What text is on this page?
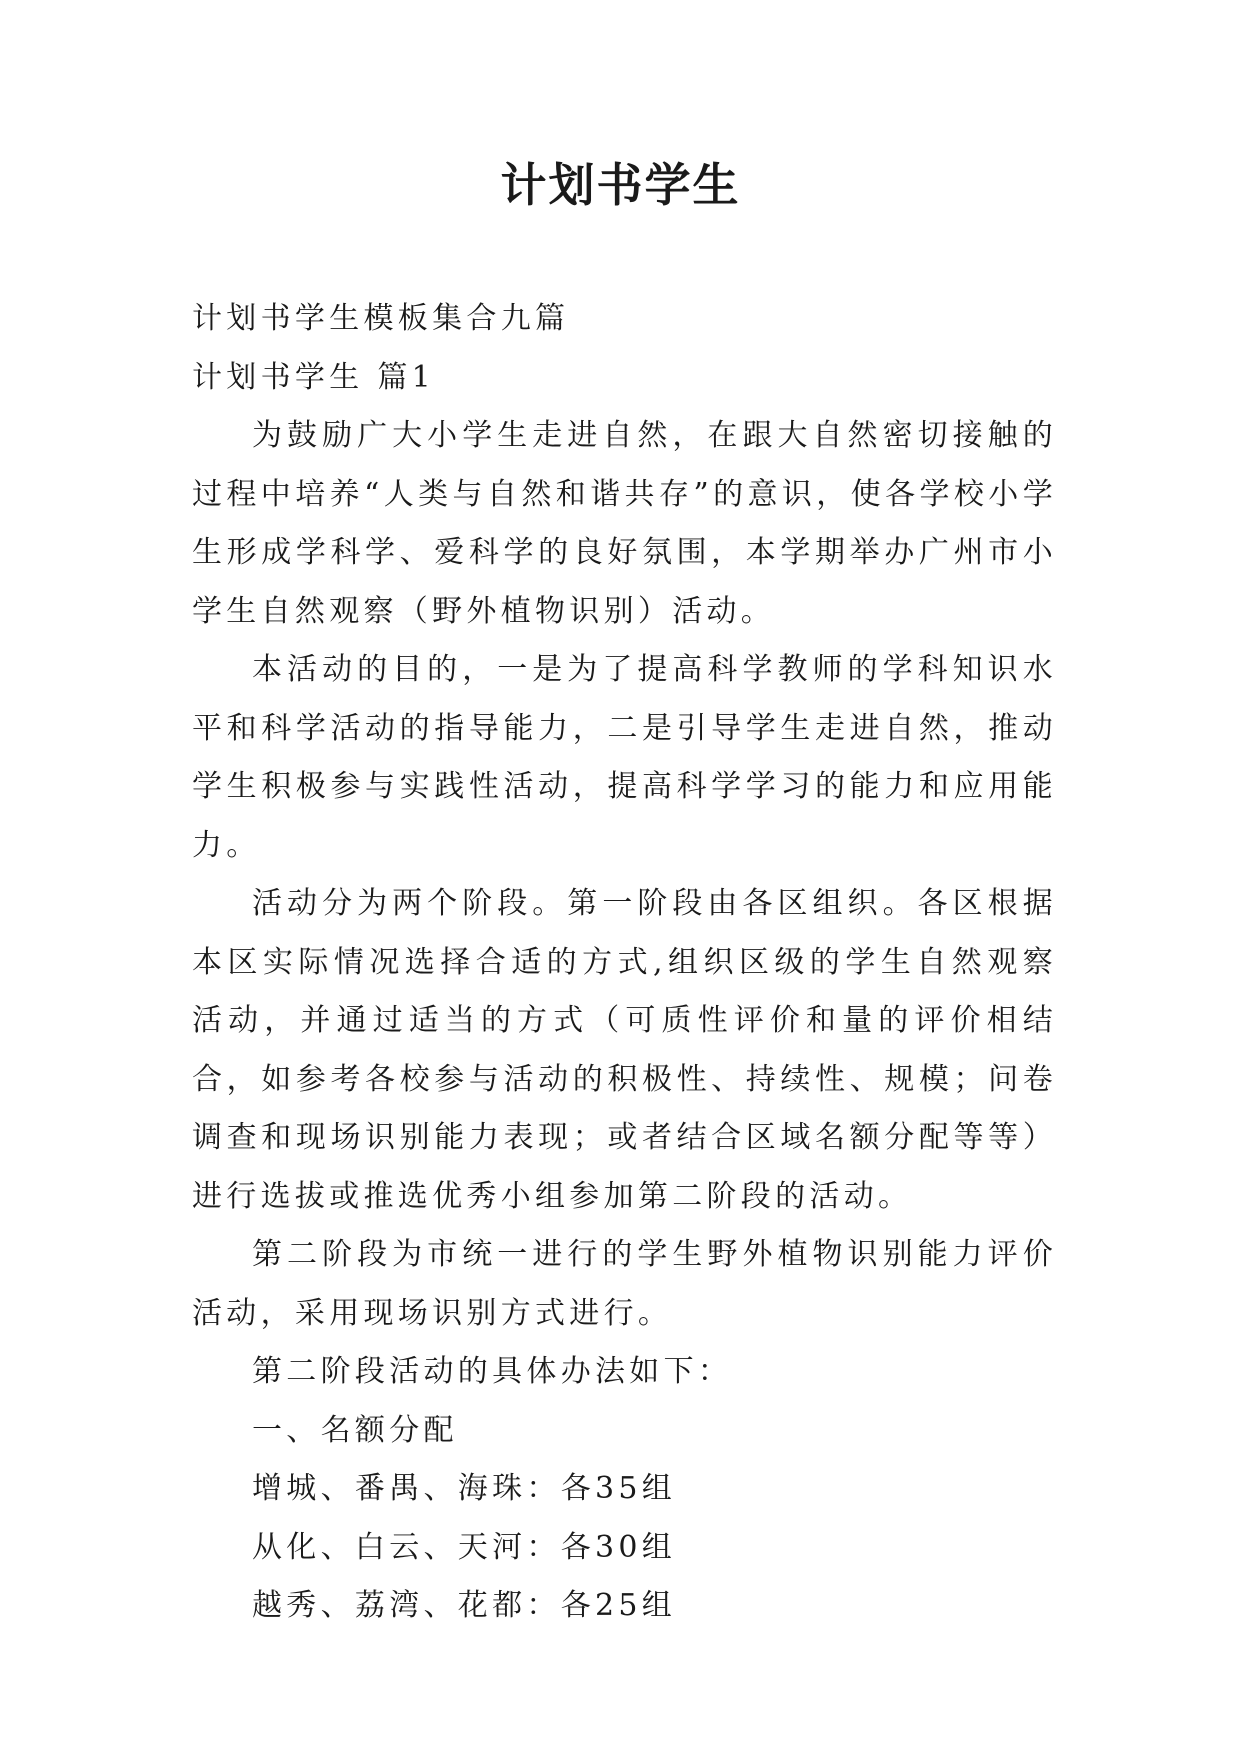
计划书学生

计划书学生模板集合九篇

计划书学生 篇1

为鼓励广大小学生走进自然，在跟大自然密切接触的过程中培养“人类与自然和谐共存”的意识，使各学校小学生形成学科学、爱科学的良好氛围，本学期举办广州市小学生自然观察（野外植物识别）活动。

本活动的目的，一是为了提高科学教师的学科知识水平和科学活动的指导能力，二是引导学生走进自然，推动学生积极参与实践性活动，提高科学学习的能力和应用能力。

活动分为两个阶段。第一阶段由各区组织。各区根据本区实际情况选择合适的方式,组织区级的学生自然观察活动，并通过适当的方式（可质性评价和量的评价相结合，如参考各校参与活动的积极性、持续性、规模；问卷调查和现场识别能力表现；或者结合区域名额分配等等）进行选拔或推选优秀小组参加第二阶段的活动。

第二阶段为市统一进行的学生野外植物识别能力评价活动，采用现场识别方式进行。

第二阶段活动的具体办法如下：

一、名额分配

增城、番禺、海珠：各35组

从化、白云、天河：各30组

越秀、荔湾、花都：各25组
